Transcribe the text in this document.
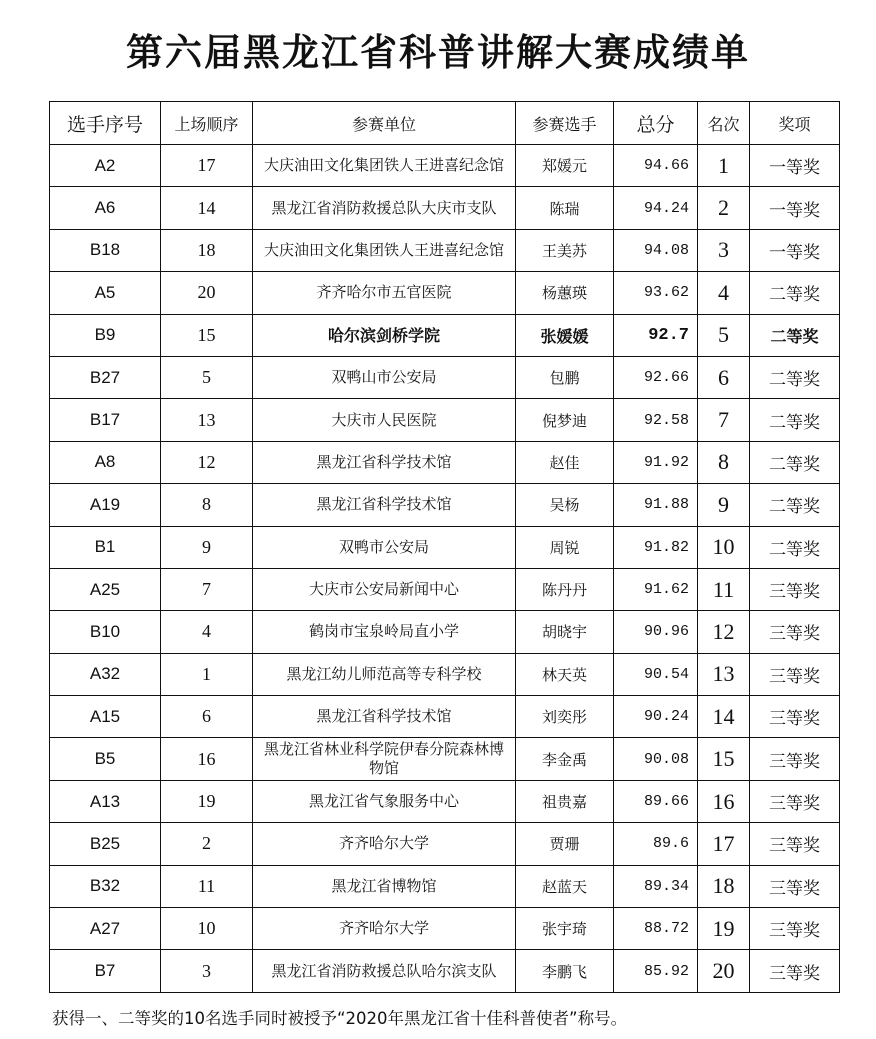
第六届黑龙江省科普讲解大赛成绩单
选手序号	上场顺序	参赛单位	参赛选手	总分	名次	奖项
A2	17	大庆油田文化集团铁人王进喜纪念馆	郑媛元	94.66	1	一等奖
A6	14	黑龙江省消防救援总队大庆市支队	陈瑞	94.24	2	一等奖
B18	18	大庆油田文化集团铁人王进喜纪念馆	王美苏	94.08	3	一等奖
A5	20	齐齐哈尔市五官医院	杨蕙瑛	93.62	4	二等奖
B9	15	哈尔滨剑桥学院	张媛媛	92.7	5	二等奖
B27	5	双鸭山市公安局	包鹏	92.66	6	二等奖
B17	13	大庆市人民医院	倪梦迪	92.58	7	二等奖
A8	12	黑龙江省科学技术馆	赵佳	91.92	8	二等奖
A19	8	黑龙江省科学技术馆	吴杨	91.88	9	二等奖
B1	9	双鸭市公安局	周锐	91.82	10	二等奖
A25	7	大庆市公安局新闻中心	陈丹丹	91.62	11	三等奖
B10	4	鹤岗市宝泉岭局直小学	胡晓宇	90.96	12	三等奖
A32	1	黑龙江幼儿师范高等专科学校	林天英	90.54	13	三等奖
A15	6	黑龙江省科学技术馆	刘奕彤	90.24	14	三等奖
B5	16	黑龙江省林业科学院伊春分院森林博物馆	李金禹	90.08	15	三等奖
A13	19	黑龙江省气象服务中心	祖贵嘉	89.66	16	三等奖
B25	2	齐齐哈尔大学	贾珊	89.6	17	三等奖
B32	11	黑龙江省博物馆	赵蓝天	89.34	18	三等奖
A27	10	齐齐哈尔大学	张宇琦	88.72	19	三等奖
B7	3	黑龙江省消防救援总队哈尔滨支队	李鹏飞	85.92	20	三等奖
获得一、二等奖的10名选手同时被授予“2020年黑龙江省十佳科普使者”称号。
